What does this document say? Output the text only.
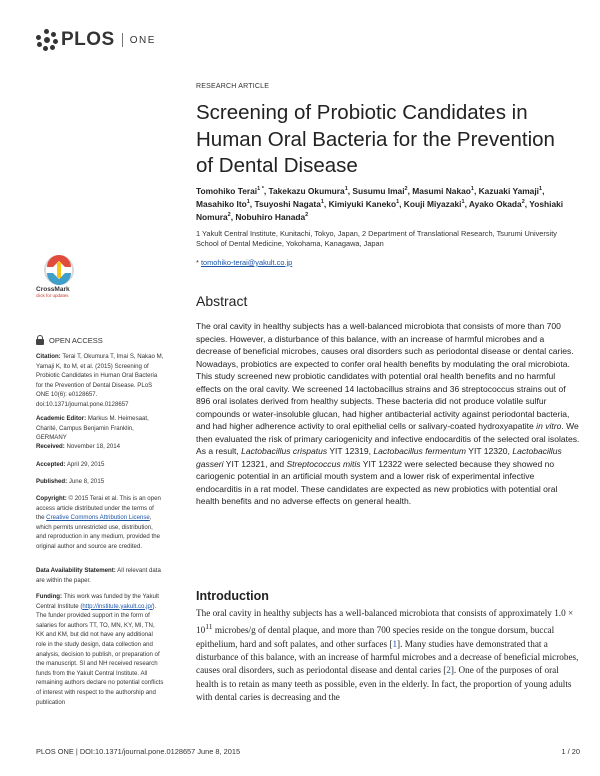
PLOS ONE
RESEARCH ARTICLE
Screening of Probiotic Candidates in Human Oral Bacteria for the Prevention of Dental Disease
Tomohiko Terai$^{1 *}$, Takekazu Okumura$^1$, Susumu Imai$^2$, Masumi Nakao$^1$, Kazuaki Yamaji$^1$, Masahiko Ito$^1$, Tsuyoshi Nagata$^1$, Kimiyuki Kaneko$^1$, Kouji Miyazaki$^1$, Ayako Okada$^2$, Yoshiaki Nomura$^2$, Nobuhiro Hanada$^2$
1 Yakult Central Institute, Kunitachi, Tokyo, Japan, 2 Department of Translational Research, Tsurumi University School of Dental Medicine, Yokohama, Kanagawa, Japan
* tomohiko-terai@yakult.co.jp
Abstract

The oral cavity in healthy subjects has a well-balanced microbiota that consists of more than 700 species. However, a disturbance of this balance, with an increase of harmful microbes and a decrease of beneficial microbes, causes oral disorders such as periodontal disease or dental caries. Nowadays, probiotics are expected to confer oral health benefits by modulating the oral microbiota. This study screened new probiotic candidates with potential oral health benefits and no harmful effects on the oral cavity. We screened 14 lactobacillus strains and 36 streptococcus strains out of 896 oral isolates derived from healthy subjects. These bacteria did not produce volatile sulfur compounds or water-insoluble glucan, had higher antibacterial activity against periodontal bacteria, and had higher adherence activity to oral epithelial cells or salivary-coated hydroxyapatite in vitro. We then evaluated the risk of primary cariogenicity and infective endocarditis of the selected oral isolates. As a result, Lactobacillus crispatus YIT 12319, Lactobacillus fermentum YIT 12320, Lactobacillus gasseri YIT 12321, and Streptococcus mitis YIT 12322 were selected because they showed no cariogenic potential in an artificial mouth system and a lower risk of experimental infective endocarditis in a rat model. These candidates are expected as new probiotics with potential oral health benefits and no adverse effects on general health.

Introduction

The oral cavity in healthy subjects has a well-balanced microbiota that consists of approximately $1.0 \times 10^{11}$ microbes/g of dental plaque, and more than 700 species reside on the tongue dorsum, buccal epithelium, hard and soft palates, and other surfaces [1]. Many studies have demonstrated that a disturbance of this balance, with an increase of harmful microbes and a decrease of beneficial microbes, causes oral disorders, such as periodontal disease and dental caries [2]. One of the purposes of oral health is to retain as many teeth as possible, even in the elderly. In fact, the proportion of young adults with dental caries is decreasing and the

CrossMark
click for updates
OPEN ACCESS
Citation: Terai T, Okumura T, Imai S, Nakao M, Yamaji K, Ito M, et al. (2015) Screening of Probiotic Candidates in Human Oral Bacteria for the Prevention of Dental Disease. PLoS ONE 10(6): e0128657. doi:10.1371/journal.pone.0128657
Academic Editor: Markus M. Heimesaat, Charité, Campus Benjamin Franklin, GERMANY
Received: November 18, 2014
Accepted: April 29, 2015
Published: June 8, 2015
Copyright: © 2015 Terai et al. This is an open access article distributed under the terms of the Creative Commons Attribution License, which permits unrestricted use, distribution, and reproduction in any medium, provided the original author and source are credited.
Data Availability Statement: All relevant data are within the paper.
Funding: This work was funded by the Yakult Central Institute (http://institute.yakult.co.jp/). The funder provided support in the form of salaries for authors TT, TO, MN, KY, MI, TN, KK and KM, but did not have any additional role in the study design, data collection and analysis, decision to publish, or preparation of the manuscript. SI and NH received research funds from the Yakult Central Institute. All remaining authors declare no potential conflicts of interest with respect to the authorship and publication
PLOS ONE | DOI:10.1371/journal.pone.0128657 June 8, 2015	1 / 20
